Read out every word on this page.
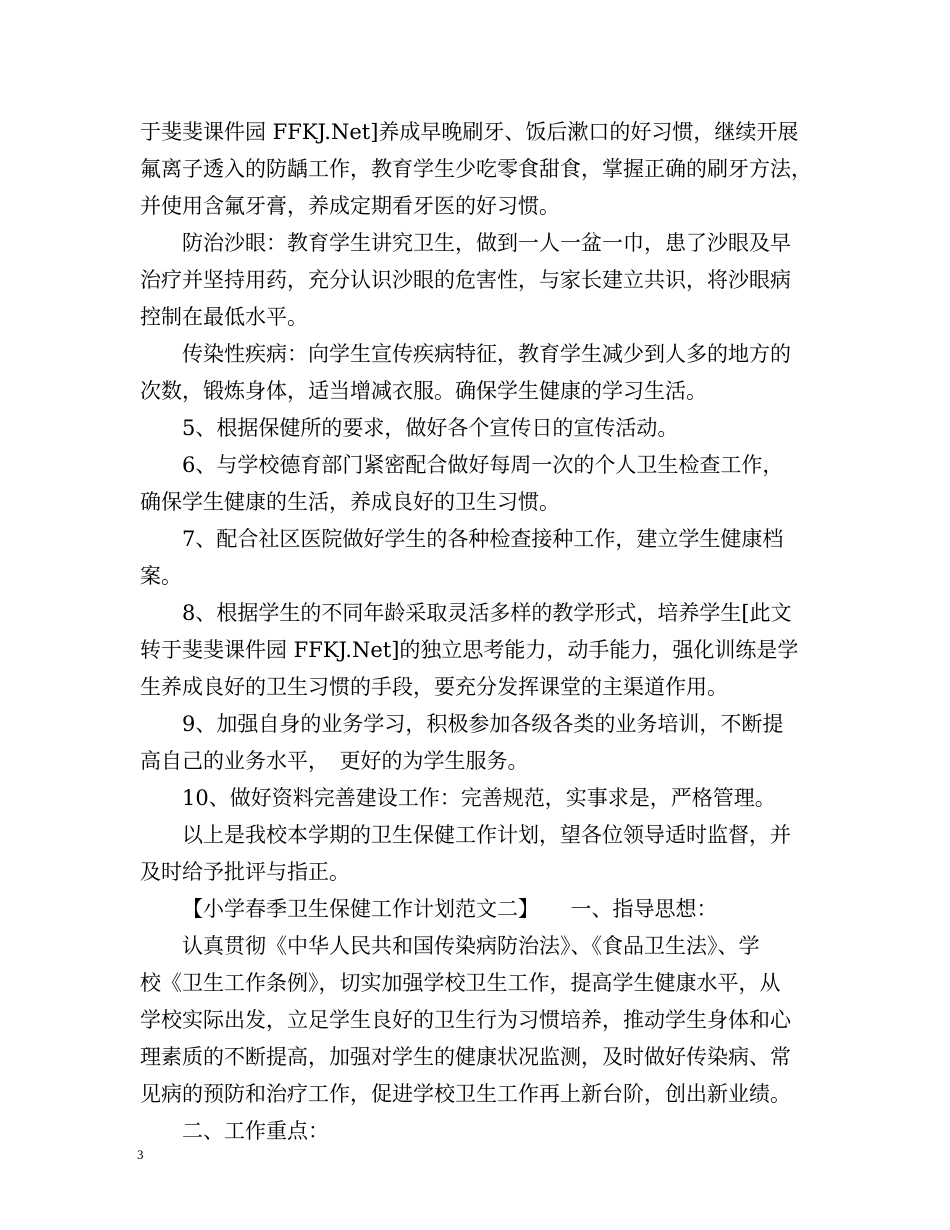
于斐斐课件园 FFKJ.Net]养成早晚刷牙、饭后漱口的好习惯，继续开展
氟离子透入的防龋工作，教育学生少吃零食甜食，掌握正确的刷牙方法，
并使用含氟牙膏，养成定期看牙医的好习惯。

防治沙眼：教育学生讲究卫生，做到一人一盆一巾，患了沙眼及早
治疗并坚持用药，充分认识沙眼的危害性，与家长建立共识，将沙眼病
控制在最低水平。

传染性疾病：向学生宣传疾病特征，教育学生减少到人多的地方的
次数，锻炼身体，适当增减衣服。确保学生健康的学习生活。

5、根据保健所的要求，做好各个宣传日的宣传活动。

6、与学校德育部门紧密配合做好每周一次的个人卫生检查工作，
确保学生健康的生活，养成良好的卫生习惯。

7、配合社区医院做好学生的各种检查接种工作，建立学生健康档
案。

8、根据学生的不同年龄采取灵活多样的教学形式，培养学生[此文
转于斐斐课件园 FFKJ.Net]的独立思考能力，动手能力，强化训练是学
生养成良好的卫生习惯的手段，要充分发挥课堂的主渠道作用。

9、加强自身的业务学习，积极参加各级各类的业务培训，不断提
高自己的业务水平，　更好的为学生服务。

10、做好资料完善建设工作：完善规范，实事求是，严格管理。

以上是我校本学期的卫生保健工作计划，望各位领导适时监督，并
及时给予批评与指正。

【小学春季卫生保健工作计划范文二】　　一、指导思想：

认真贯彻《中华人民共和国传染病防治法》、《食品卫生法》、学
校《卫生工作条例》，切实加强学校卫生工作，提高学生健康水平，从
学校实际出发，立足学生良好的卫生行为习惯培养，推动学生身体和心
理素质的不断提高，加强对学生的健康状况监测，及时做好传染病、常
见病的预防和治疗工作，促进学校卫生工作再上新台阶，创出新业绩。

二、工作重点：

3
